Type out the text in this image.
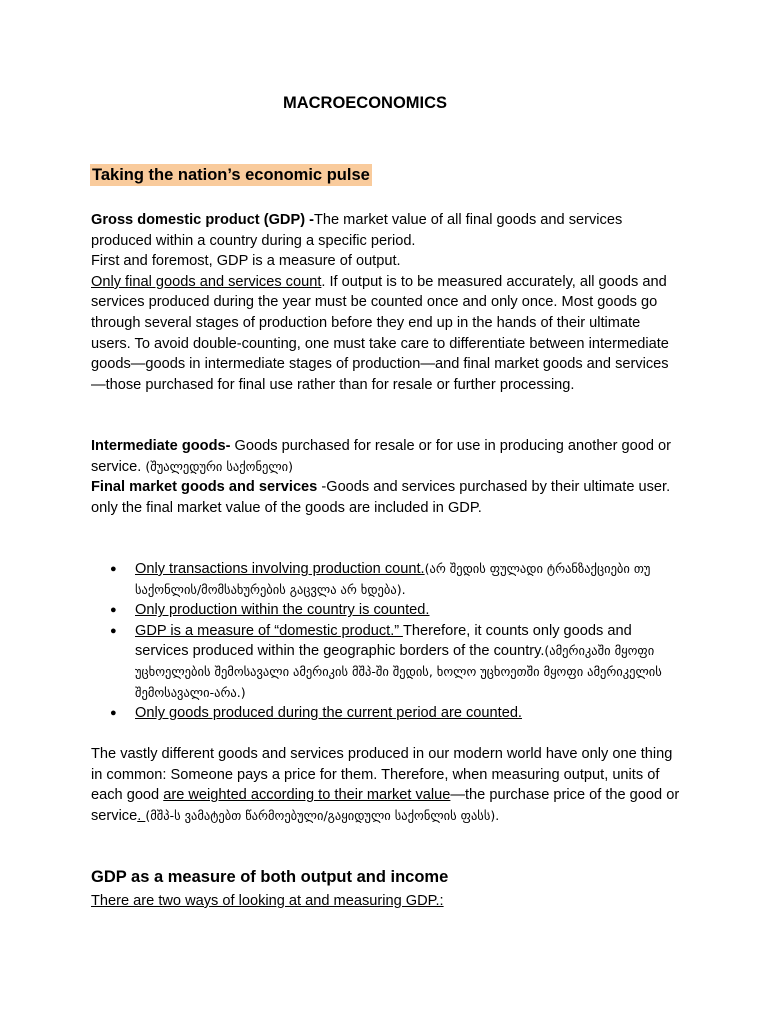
MACROECONOMICS
Taking the nation’s economic pulse

Gross domestic product (GDP) -The market value of all final goods and services produced within a country during a specific period.

First and foremost, GDP is a measure of output.

Only final goods and services count. If output is to be measured accurately, all goods and services produced during the year must be counted once and only once. Most goods go through several stages of production before they end up in the hands of their ultimate users. To avoid double-counting, one must take care to differentiate between intermediate goods—goods in intermediate stages of production—and final market goods and services—those purchased for final use rather than for resale or further processing.

Intermediate goods- Goods purchased for resale or for use in producing another good or service. (შუალედური საქონელი)

Final market goods and services -Goods and services purchased by their ultimate user.

only the final market value of the goods are included in GDP.

● Only transactions involving production count.(არ შედის ფულადი ტრანზაქციები თუ საქონლის/მომსახურების გაცვლა არ ხდება).
● Only production within the country is counted.
● GDP is a measure of “domestic product.” Therefore, it counts only goods and services produced within the geographic borders of the country.(ამერიკაში მყოფი უცხოელების შემოსავალი ამერიკის მშპ-ში შედის, ხოლო უცხოეთში მყოფი ამერიკელის შემოსავალი-არა.)
● Only goods produced during the current period are counted.

The vastly different goods and services produced in our modern world have only one thing in common: Someone pays a price for them. Therefore, when measuring output, units of each good are weighted according to their market value—the purchase price of the good or service. (მშპ-ს ვამატებთ წარმოებული/გაყიდული საქონლის ფასს).

GDP as a measure of both output and income
There are two ways of looking at and measuring GDP.:
